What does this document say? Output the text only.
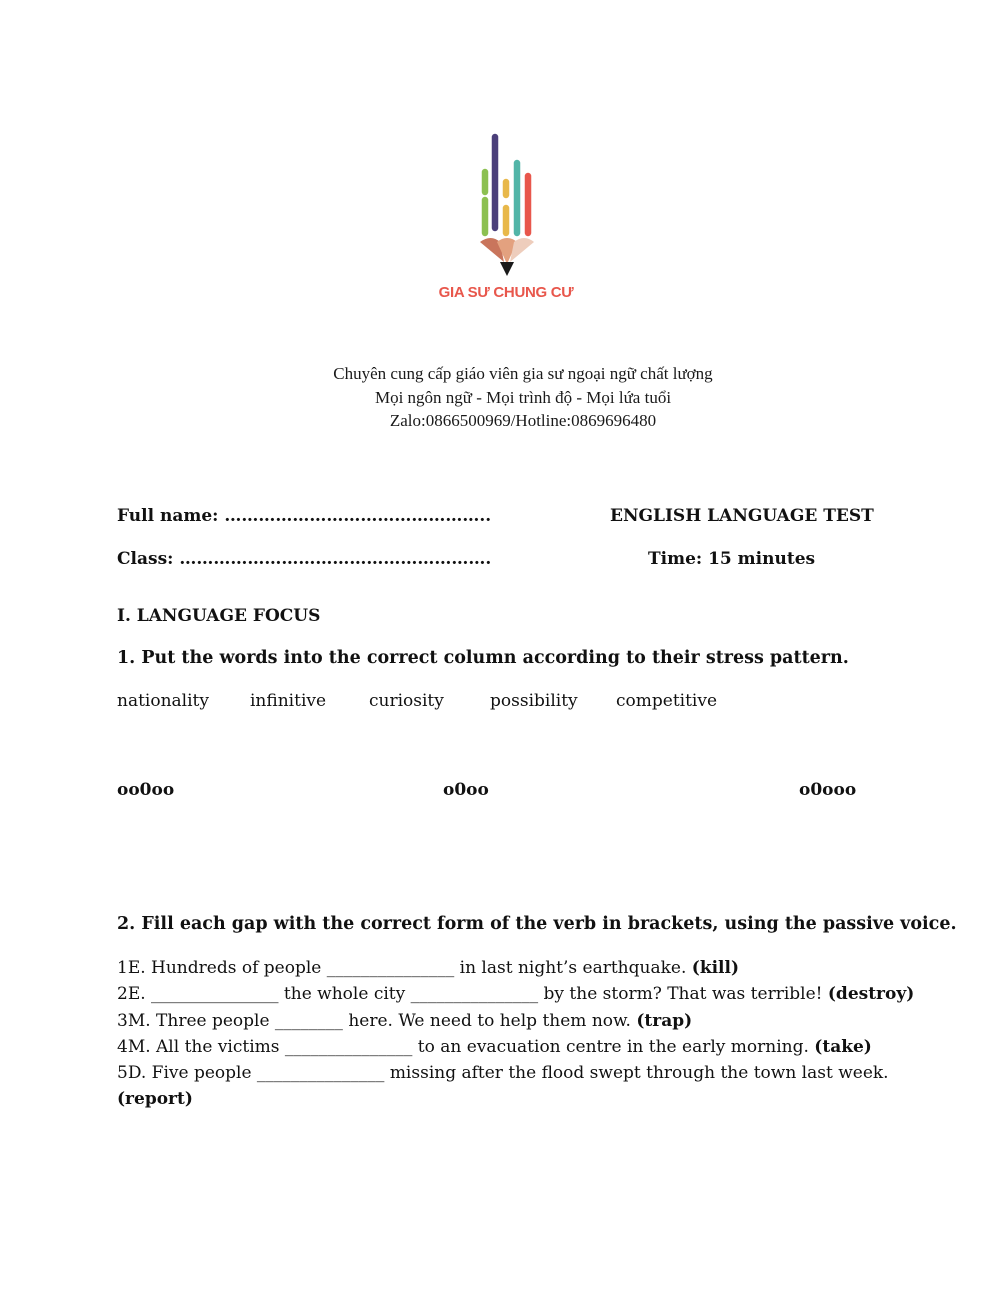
GIA SƯ CHUNG CƯ
Chuyên cung cấp giáo viên gia sư ngoại ngữ chất lượng
Mọi ngôn ngữ - Mọi trình độ - Mọi lứa tuổi
Zalo:0866500969/Hotline:0869696480
Full name: ………………………………………..	ENGLISH LANGUAGE TEST
Class: ……………………………………………….	Time: 15 minutes
I. LANGUAGE FOCUS
1. Put the words into the correct column according to their stress pattern.
nationality infinitive	curiosity	possibility competitive
oo0oo	o0oo	o0ooo
2. Fill each gap with the correct form of the verb in brackets, using the passive voice.
1E. Hundreds of people _______________ in last night’s earthquake. (kill)
2E. _______________ the whole city _______________ by the storm? That was terrible! (destroy)
3M. Three people ________ here. We need to help them now. (trap)
4M. All the victims _______________ to an evacuation centre in the early morning. (take)
5D. Five people _______________ missing after the flood swept through the town last week.
(report)
